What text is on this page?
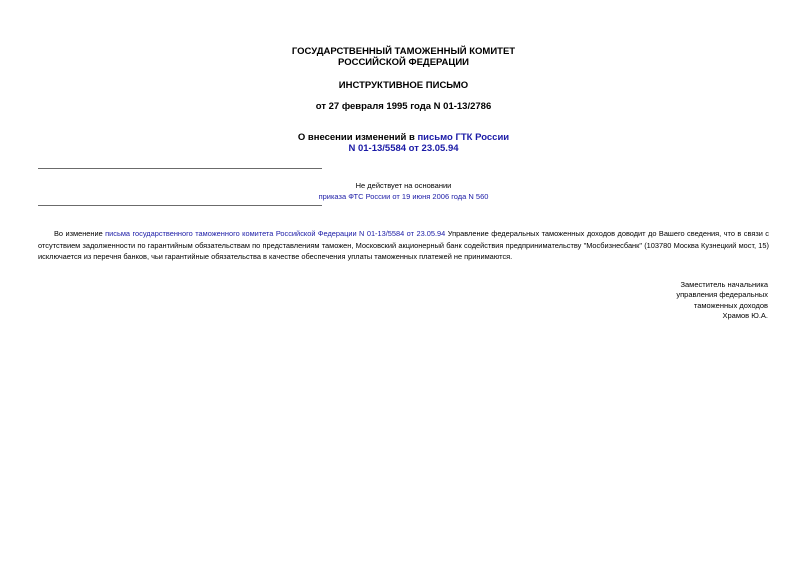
ГОСУДАРСТВЕННЫЙ ТАМОЖЕННЫЙ КОМИТЕТ
РОССИЙСКОЙ ФЕДЕРАЦИИ
ИНСТРУКТИВНОЕ ПИСЬМО
от 27 февраля 1995 года N 01-13/2786
О внесении изменений в письмо ГТК России
N 01-13/5584 от 23.05.94
Не действует на основании
приказа ФТС России от 19 июня 2006 года N 560

Во изменение письма государственного таможенного комитета Российской Федерации N 01-13/5584 от 23.05.94 Управление федеральных таможенных доходов доводит до Вашего сведения, что в связи с отсутствием задолженности по гарантийным обязательствам по представлениям таможен, Московский акционерный банк содействия предпринимательству "Мосбизнесбанк" (103780 Москва Кузнецкий мост, 15) исключается из перечня банков, чьи гарантийные обязательства в качестве обеспечения уплаты таможенных платежей не принимаются.

Заместитель начальника
управления федеральных
таможенных доходов
Храмов Ю.А.
